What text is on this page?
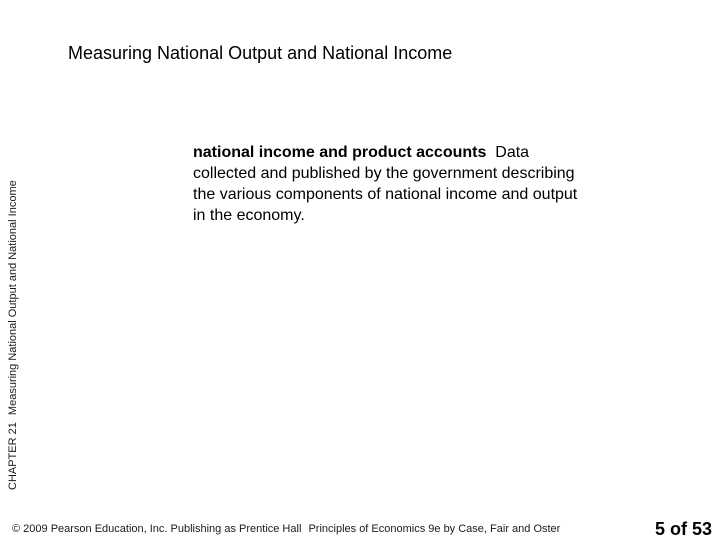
CHAPTER 21 Measuring National Output and National Income
Measuring National Output and National Income
national income and product accounts Data collected and published by the government describing the various components of national income and output in the economy.
© 2009 Pearson Education, Inc. Publishing as Prentice Hall Principles of Economics 9e by Case, Fair and Oster	5 of 53
